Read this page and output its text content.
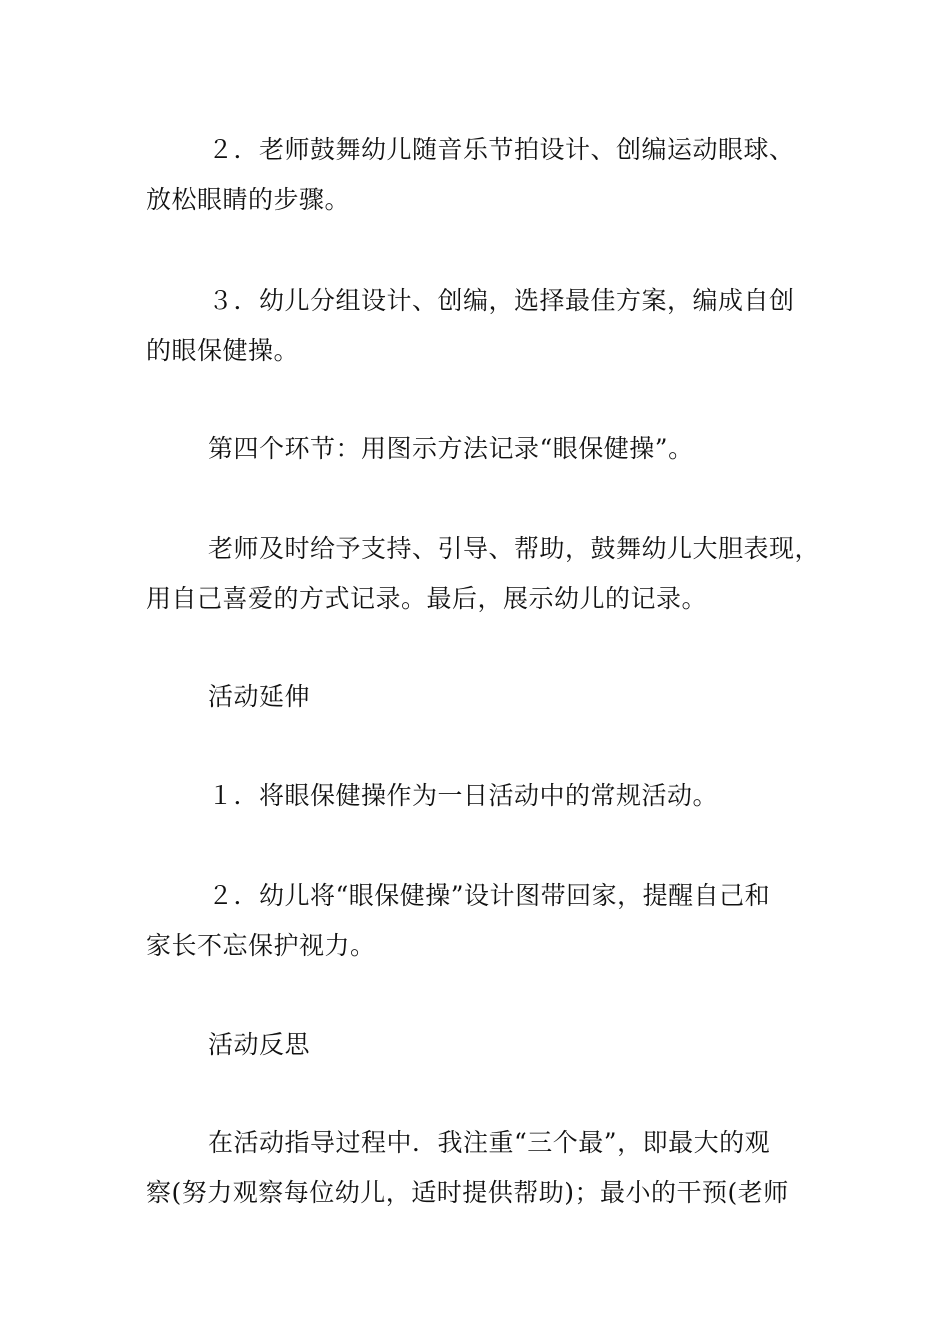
２．老师鼓舞幼儿随音乐节拍设计、创编运动眼球、
放松眼睛的步骤。

３．幼儿分组设计、创编，选择最佳方案，编成自创
的眼保健操。

第四个环节：用图示方法记录“眼保健操”。

老师及时给予支持、引导、帮助，鼓舞幼儿大胆表现，
用自己喜爱的方式记录。最后，展示幼儿的记录。

活动延伸

１．将眼保健操作为一日活动中的常规活动。

２．幼儿将“眼保健操”设计图带回家，提醒自己和
家长不忘保护视力。

活动反思

在活动指导过程中．我注重“三个最”，即最大的观
察(努力观察每位幼儿，适时提供帮助)；最小的干预(老师
